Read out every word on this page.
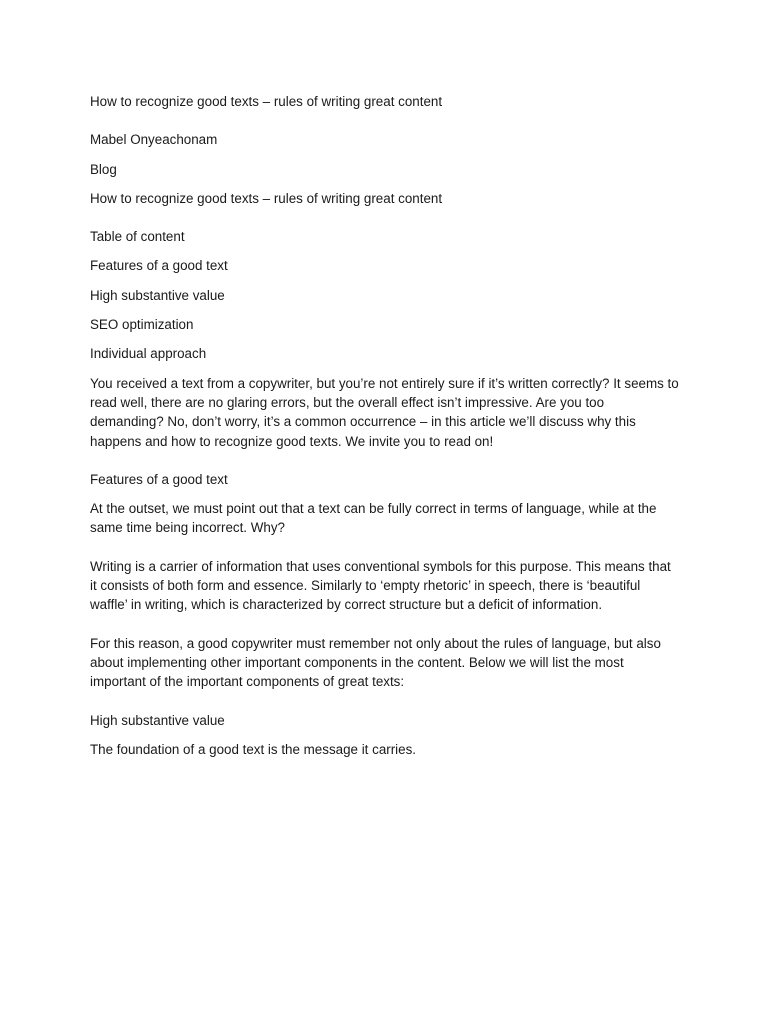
How to recognize good texts – rules of writing great content

Mabel Onyeachonam

Blog

How to recognize good texts – rules of writing great content

Table of content

Features of a good text

High substantive value

SEO optimization

Individual approach

You received a text from a copywriter, but you’re not entirely sure if it’s written correctly? It seems to read well, there are no glaring errors, but the overall effect isn’t impressive. Are you too demanding? No, don’t worry, it’s a common occurrence – in this article we’ll discuss why this happens and how to recognize good texts. We invite you to read on!

Features of a good text

At the outset, we must point out that a text can be fully correct in terms of language, while at the same time being incorrect. Why?

Writing is a carrier of information that uses conventional symbols for this purpose. This means that it consists of both form and essence. Similarly to ‘empty rhetoric’ in speech, there is ‘beautiful waffle’ in writing, which is characterized by correct structure but a deficit of information.

For this reason, a good copywriter must remember not only about the rules of language, but also about implementing other important components in the content. Below we will list the most important of the important components of great texts:

High substantive value

The foundation of a good text is the message it carries.
